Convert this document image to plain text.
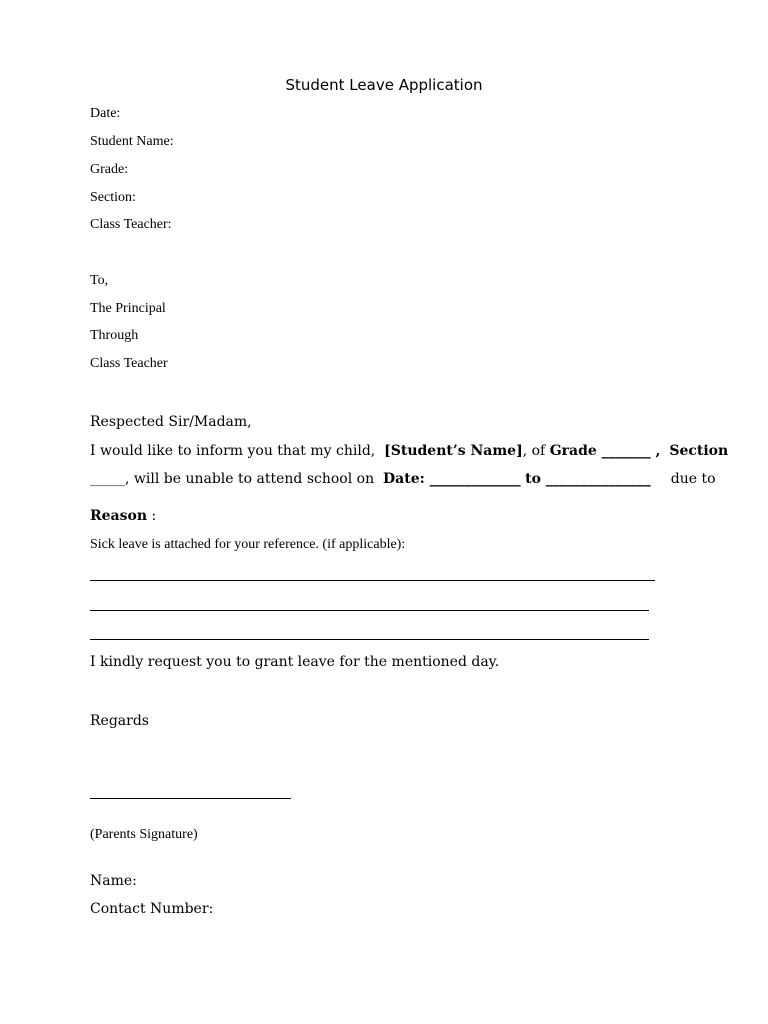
Student Leave Application
Date:
Student Name:
Grade:
Section:
Class Teacher:
To,
The Principal
Through
Class Teacher
Respected Sir/Madam,
I would like to inform you that my child, [Student’s Name], of Grade _______ , Section
_____, will be unable to attend school on Date: _____________ to _______________ due to
Reason :
Sick leave is attached for your reference. (if applicable):
I kindly request you to grant leave for the mentioned day.
Regards
(Parents Signature)
Name:
Contact Number:
